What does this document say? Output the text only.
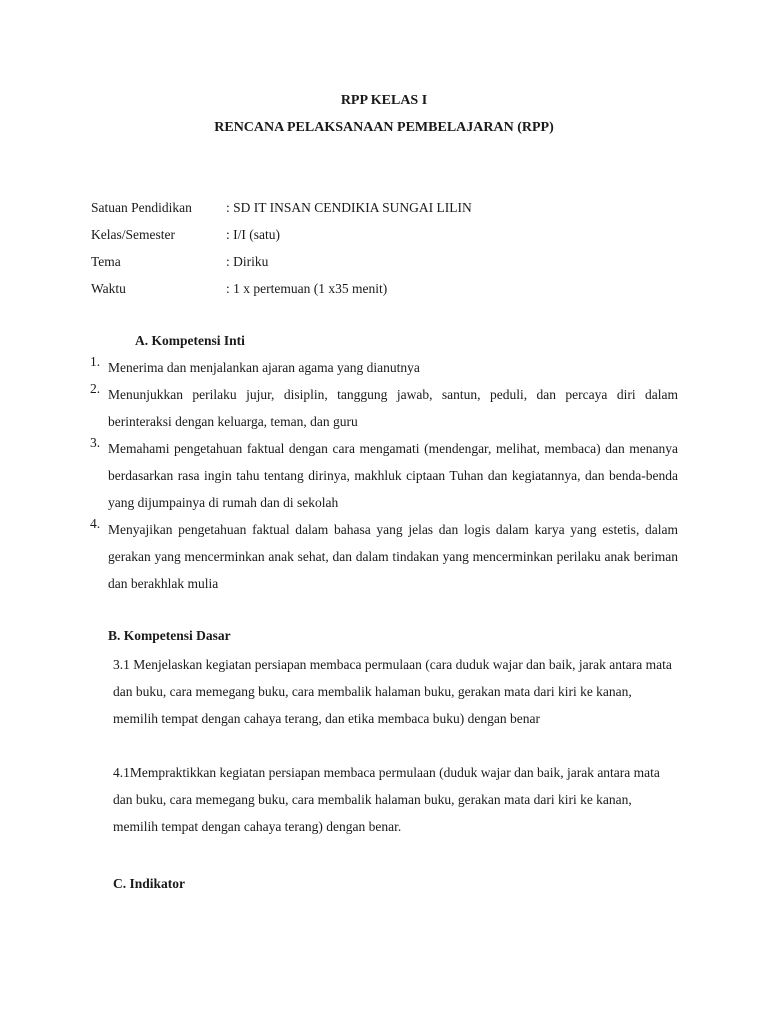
RPP KELAS I
RENCANA PELAKSANAAN PEMBELAJARAN (RPP)
Satuan Pendidikan	: SD IT INSAN CENDIKIA SUNGAI LILIN
Kelas/Semester	: I/I (satu)
Tema	: Diriku
Waktu	: 1 x pertemuan (1 x35 menit)
A. Kompetensi Inti
1. Menerima dan menjalankan ajaran agama yang dianutnya
2. Menunjukkan perilaku jujur, disiplin, tanggung jawab, santun, peduli, dan percaya diri dalam berinteraksi dengan keluarga, teman, dan guru
3. Memahami pengetahuan faktual dengan cara mengamati (mendengar, melihat, membaca) dan menanya berdasarkan rasa ingin tahu tentang dirinya, makhluk ciptaan Tuhan dan kegiatannya, dan benda-benda yang dijumpainya di rumah dan di sekolah
4. Menyajikan pengetahuan faktual dalam bahasa yang jelas dan logis dalam karya yang estetis, dalam gerakan yang mencerminkan anak sehat, dan dalam tindakan yang mencerminkan perilaku anak beriman dan berakhlak mulia
B. Kompetensi Dasar
3.1 Menjelaskan kegiatan persiapan membaca permulaan (cara duduk wajar dan baik, jarak antara mata dan buku, cara memegang buku, cara membalik halaman buku, gerakan mata dari kiri ke kanan, memilih tempat dengan cahaya terang, dan etika membaca buku) dengan benar
4.1Mempraktikkan kegiatan persiapan membaca permulaan (duduk wajar dan baik, jarak antara mata dan buku, cara memegang buku, cara membalik halaman buku, gerakan mata dari kiri ke kanan, memilih tempat dengan cahaya terang) dengan benar.
C. Indikator
